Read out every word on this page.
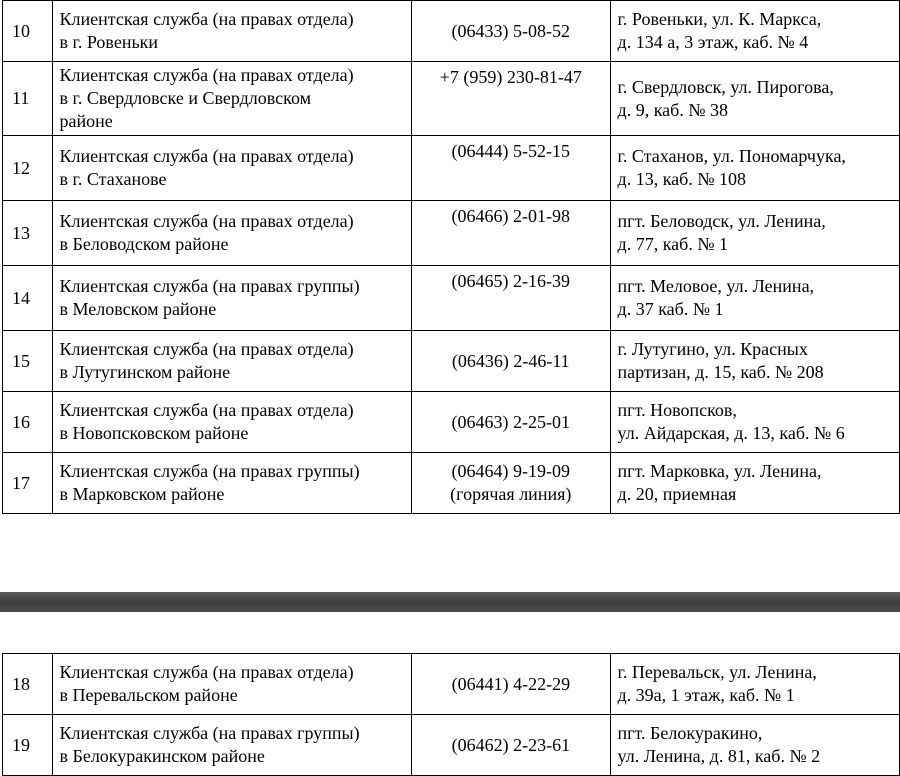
10	Клиентская служба (на правах отдела)
в г. Ровеньки	(06433) 5-08-52	г. Ровеньки, ул. К. Маркса,
д. 134 а, 3 этаж, каб. № 4

11	Клиентская служба (на правах отдела)
в г. Свердловске и Свердловском
районе	+7 (959) 230-81-47	г. Свердловск, ул. Пирогова,
д. 9, каб. № 38

12	Клиентская служба (на правах отдела)
в г. Стаханове	(06444) 5-52-15	г. Стаханов, ул. Пономарчука,
д. 13, каб. № 108

13	Клиентская служба (на правах отдела)
в Беловодском районе	(06466) 2-01-98	пгт. Беловодск, ул. Ленина,
д. 77, каб. № 1

14	Клиентская служба (на правах группы)
в Меловском районе	(06465) 2-16-39	пгт. Меловое, ул. Ленина,
д. 37 каб. № 1

15	Клиентская служба (на правах отдела)
в Лутугинском районе	(06436) 2-46-11	г. Лутугино, ул. Красных
партизан, д. 15, каб. № 208

16	Клиентская служба (на правах отдела)
в Новопсковском районе	(06463) 2-25-01	пгт. Новопсков,
ул. Айдарская, д. 13, каб. № 6

17	Клиентская служба (на правах группы)
в Марковском районе	(06464) 9-19-09
(горячая линия)	пгт. Марковка, ул. Ленина,
д. 20, приемная
18	Клиентская служба (на правах отдела)
в Перевальском районе	(06441) 4-22-29	г. Перевальск, ул. Ленина,
д. 39а, 1 этаж, каб. № 1

19	Клиентская служба (на правах группы)
в Белокуракинском районе	(06462) 2-23-61	пгт. Белокуракино,
ул. Ленина, д. 81, каб. № 2
